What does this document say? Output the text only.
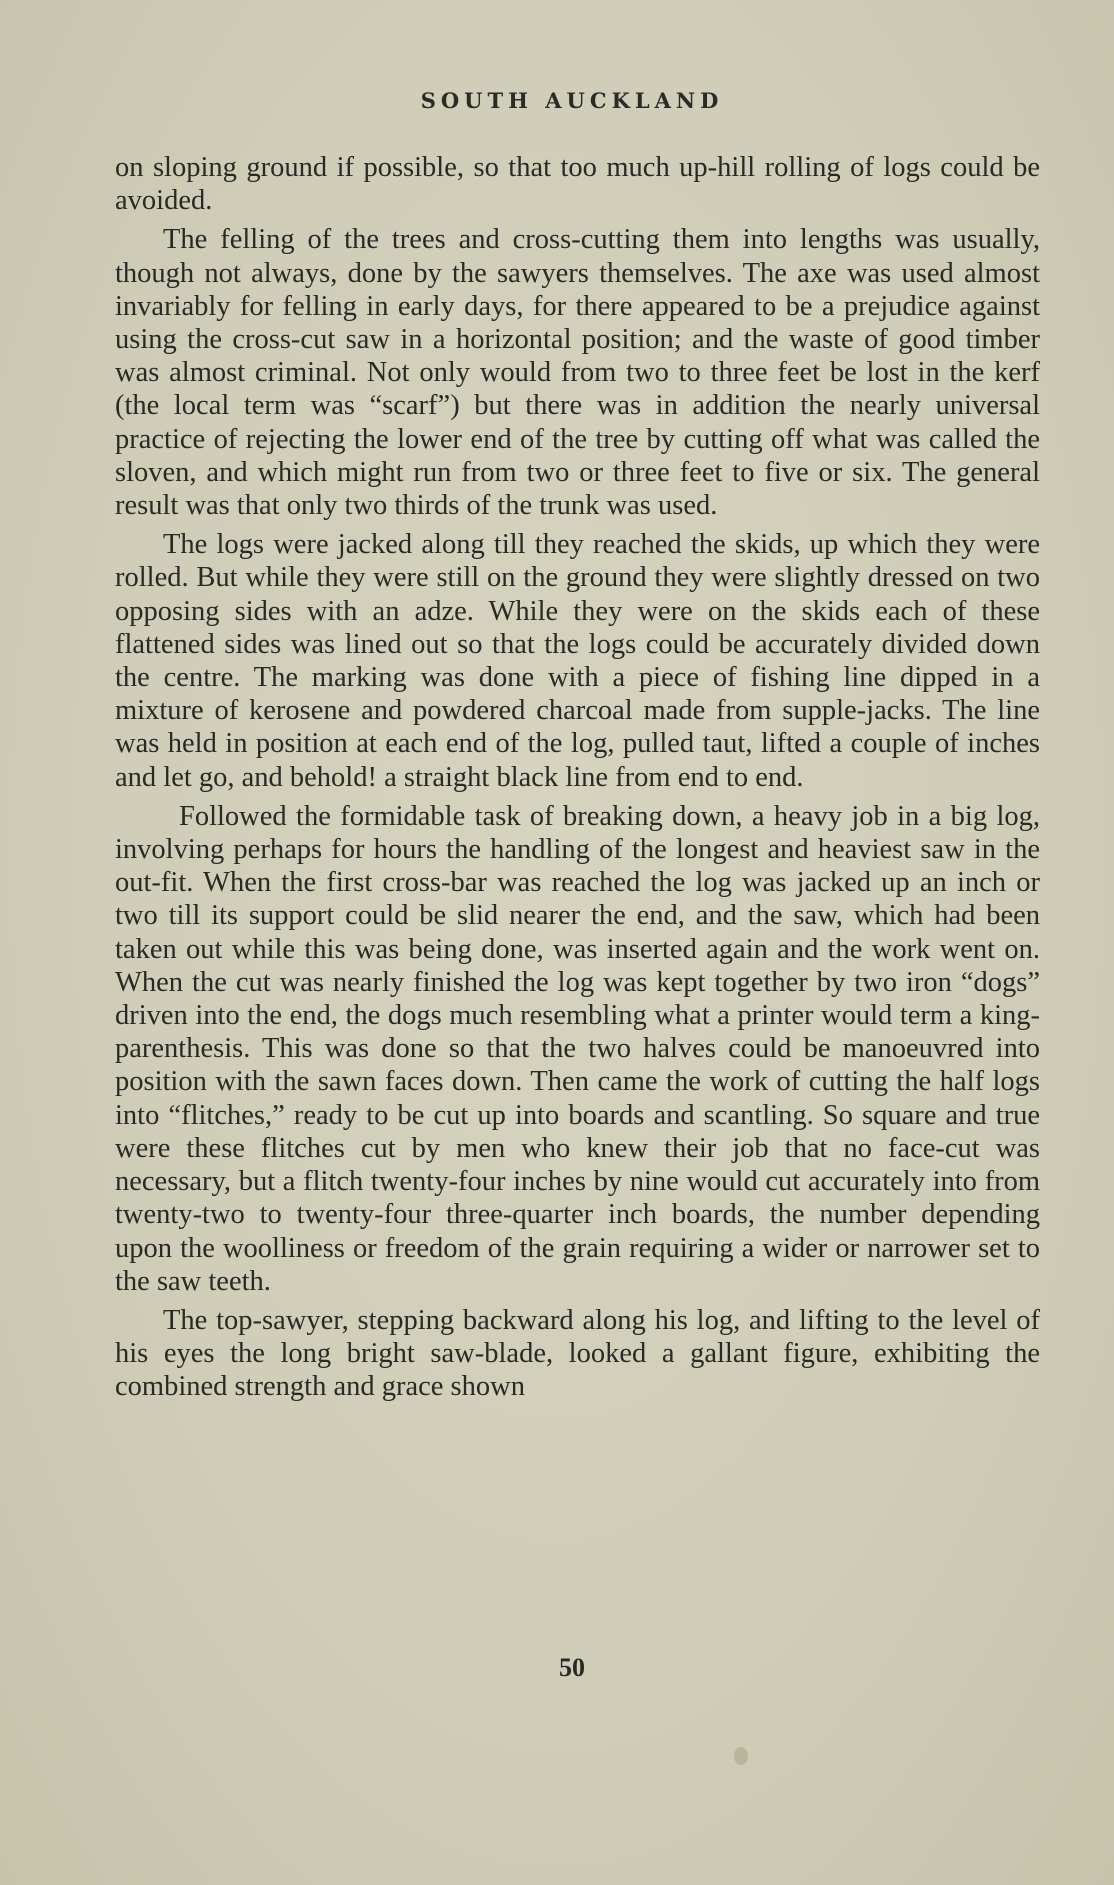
SOUTH AUCKLAND

on sloping ground if possible, so that too much up-hill rolling of logs could be avoided.

The felling of the trees and cross-cutting them into lengths was usually, though not always, done by the sawyers themselves. The axe was used almost invariably for felling in early days, for there appeared to be a prejudice against using the cross-cut saw in a horizontal position; and the waste of good timber was almost criminal. Not only would from two to three feet be lost in the kerf (the local term was “scarf”) but there was in addition the nearly universal practice of rejecting the lower end of the tree by cutting off what was called the sloven, and which might run from two or three feet to five or six. The general result was that only two thirds of the trunk was used.

The logs were jacked along till they reached the skids, up which they were rolled. But while they were still on the ground they were slightly dressed on two opposing sides with an adze. While they were on the skids each of these flattened sides was lined out so that the logs could be accurately divided down the centre. The marking was done with a piece of fishing line dipped in a mixture of kerosene and powdered charcoal made from supple-jacks. The line was held in position at each end of the log, pulled taut, lifted a couple of inches and let go, and behold! a straight black line from end to end.

Followed the formidable task of breaking down, a heavy job in a big log, involving perhaps for hours the handling of the longest and heaviest saw in the out-fit. When the first cross-bar was reached the log was jacked up an inch or two till its support could be slid nearer the end, and the saw, which had been taken out while this was being done, was inserted again and the work went on. When the cut was nearly finished the log was kept together by two iron “dogs” driven into the end, the dogs much resembling what a printer would term a king-parenthesis. This was done so that the two halves could be manoeuvred into position with the sawn faces down. Then came the work of cutting the half logs into “flitches,” ready to be cut up into boards and scantling. So square and true were these flitches cut by men who knew their job that no face-cut was necessary, but a flitch twenty-four inches by nine would cut accurately into from twenty-two to twenty-four three-quarter inch boards, the number depending upon the woolliness or freedom of the grain requiring a wider or narrower set to the saw teeth.

The top-sawyer, stepping backward along his log, and lifting to the level of his eyes the long bright saw-blade, looked a gallant figure, exhibiting the combined strength and grace shown

50
